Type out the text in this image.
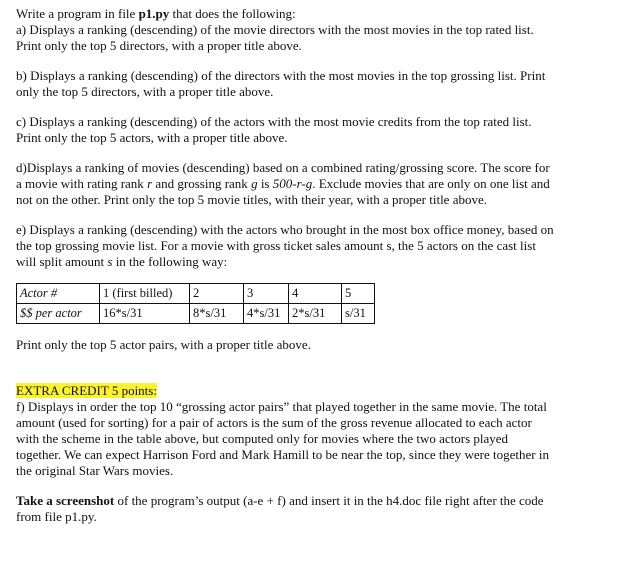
Write a program in file p1.py that does the following:

a) Displays a ranking (descending) of the movie directors with the most movies in the top rated list.

Print only the top 5 directors, with a proper title above.

b) Displays a ranking (descending) of the directors with the most movies in the top grossing list. Print

only the top 5 directors, with a proper title above.

c) Displays a ranking (descending) of the actors with the most movie credits from the top rated list.

Print only the top 5 actors, with a proper title above.

d)Displays a ranking of movies (descending) based on a combined rating/grossing score. The score for

a movie with rating rank r and grossing rank g is 500-r-g. Exclude movies that are only on one list and

not on the other. Print only the top 5 movie titles, with their year, with a proper title above.

e) Displays a ranking (descending) with the actors who brought in the most box office money, based on

the top grossing movie list. For a movie with gross ticket sales amount s, the 5 actors on the cast list

will split amount s in the following way:

Actor #	1 (first billed)	2	3	4	5
$$ per actor	16*s/31	8*s/31	4*s/31	2*s/31	s/31

Print only the top 5 actor pairs, with a proper title above.

EXTRA CREDIT 5 points:

f) Displays in order the top 10 “grossing actor pairs” that played together in the same movie. The total

amount (used for sorting) for a pair of actors is the sum of the gross revenue allocated to each actor

with the scheme in the table above, but computed only for movies where the two actors played

together. We can expect Harrison Ford and Mark Hamill to be near the top, since they were together in

the original Star Wars movies.

Take a screenshot of the program’s output (a-e + f) and insert it in the h4.doc file right after the code

from file p1.py.
